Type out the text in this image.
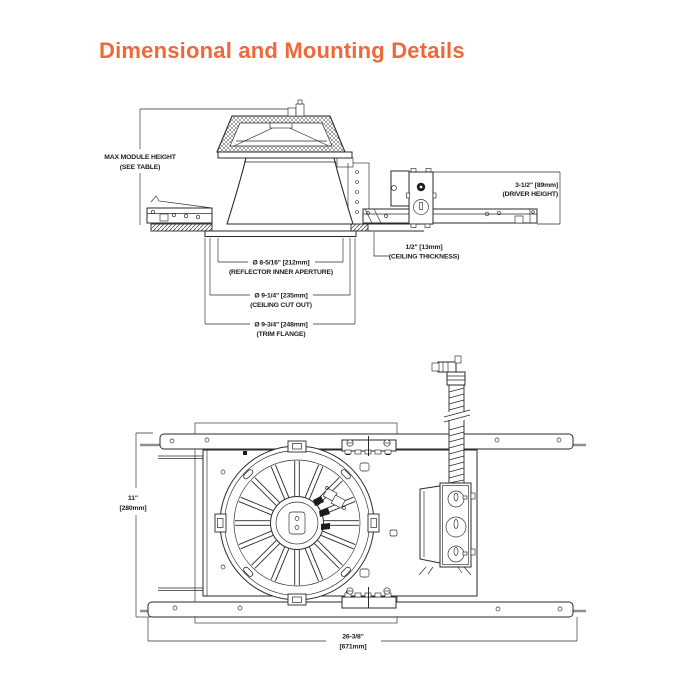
Dimensional and Mounting Details
MAX MODULE HEIGHT
(SEE TABLE)
3-1/2" [89mm]
(DRIVER HEIGHT)
1/2" [13mm]
(CEILING THICKNESS)
Ø 8-5/16" [212mm]
(REFLECTOR INNER APERTURE)
Ø 9-1/4" [235mm]
(CEILING CUT OUT)
Ø 9-3/4" [248mm]
(TRIM FLANGE)
11"
[280mm]
26-3/8"
[671mm]
